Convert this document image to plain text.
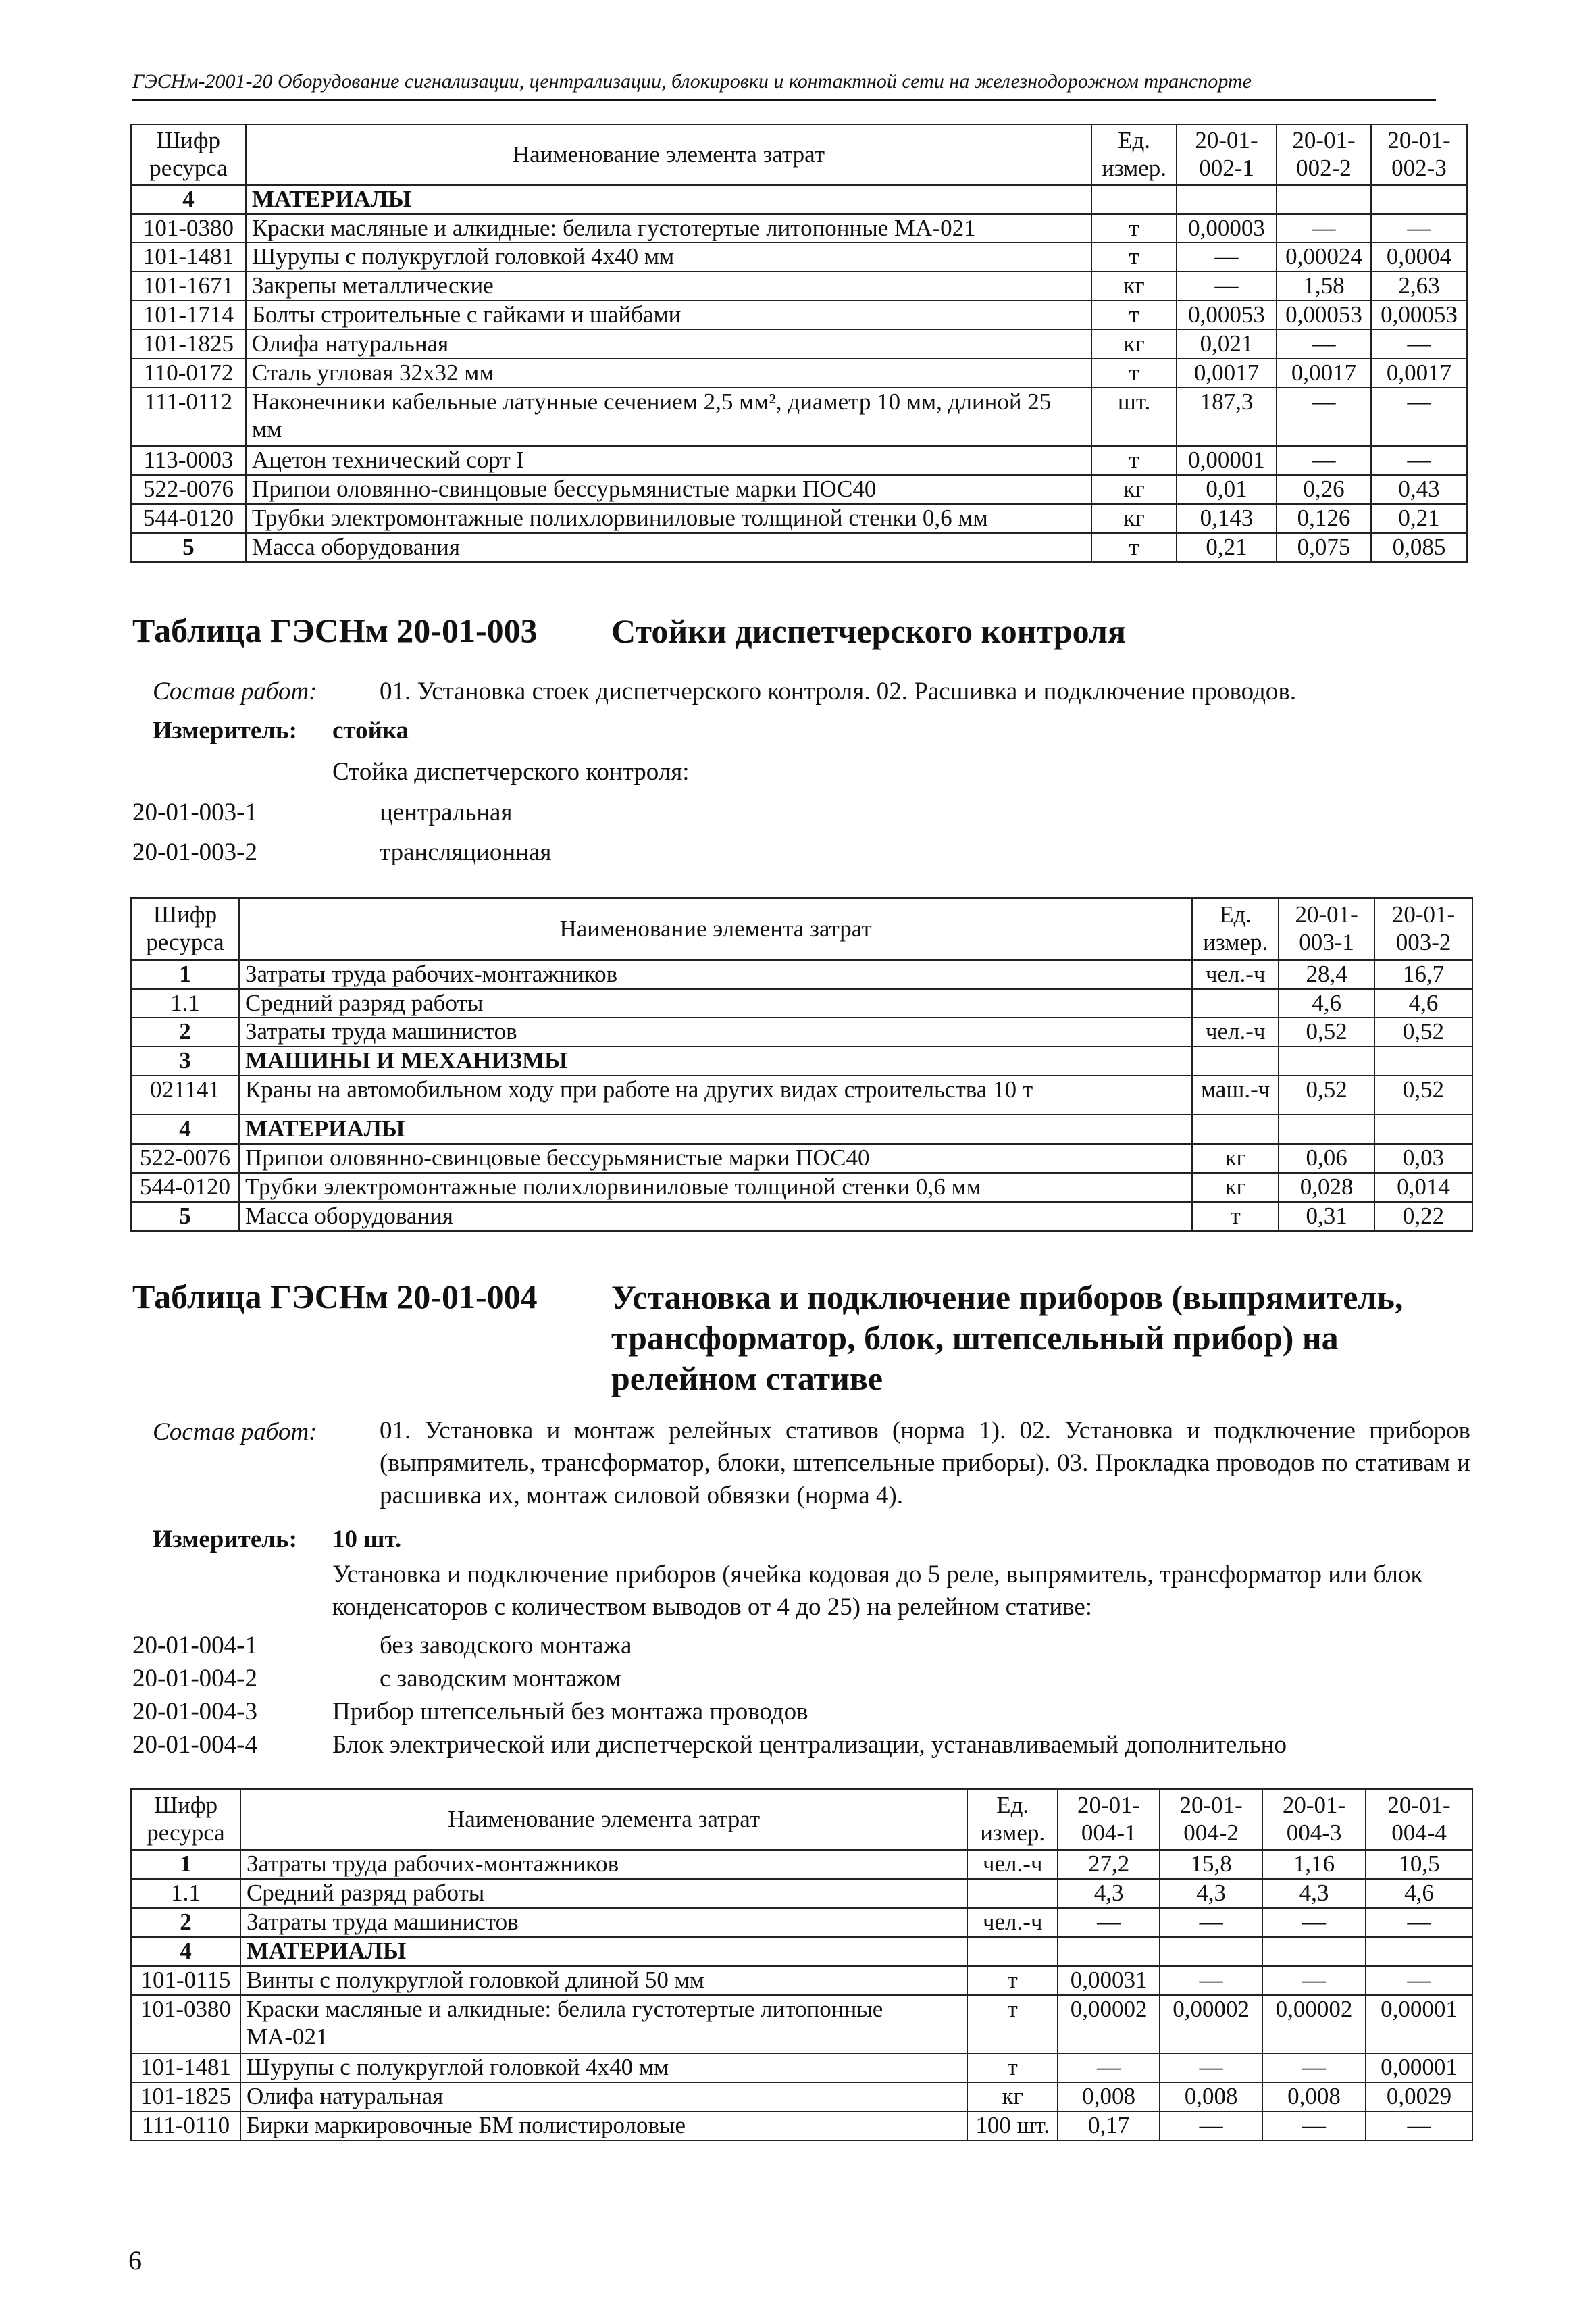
ГЭСНм-2001-20 Оборудование сигнализации, централизации, блокировки и контактной сети на железнодорожном транспорте
Шифр ресурса	Наименование элемента затрат	Ед. измер.	20-01-002-1	20-01-002-2	20-01-002-3
4	МАТЕРИАЛЫ				
101-0380	Краски масляные и алкидные: белила густотертые литопонные МА-021	т	0,00003	—	—
101-1481	Шурупы с полукруглой головкой 4x40 мм	т	—	0,00024	0,0004
101-1671	Закрепы металлические	кг	—	1,58	2,63
101-1714	Болты строительные с гайками и шайбами	т	0,00053	0,00053	0,00053
101-1825	Олифа натуральная	кг	0,021	—	—
110-0172	Сталь угловая 32x32 мм	т	0,0017	0,0017	0,0017
111-0112	Наконечники кабельные латунные сечением 2,5 мм², диаметр 10 мм, длиной 25 мм	шт.	187,3	—	—
113-0003	Ацетон технический сорт I	т	0,00001	—	—
522-0076	Припои оловянно-свинцовые бессурьмянистые марки ПОС40	кг	0,01	0,26	0,43
544-0120	Трубки электромонтажные полихлорвиниловые толщиной стенки 0,6 мм	кг	0,143	0,126	0,21
5	Масса оборудования	т	0,21	0,075	0,085
Таблица ГЭСНм 20-01-003 Стойки диспетчерского контроля
Состав работ:	01. Установка стоек диспетчерского контроля. 02. Расшивка и подключение проводов.
Измеритель: стойка
Стойка диспетчерского контроля:
20-01-003-1	центральная
20-01-003-2	трансляционная
Шифр ресурса	Наименование элемента затрат	Ед. измер.	20-01-003-1	20-01-003-2
1	Затраты труда рабочих-монтажников	чел.-ч	28,4	16,7
1.1	Средний разряд работы		4,6	4,6
2	Затраты труда машинистов	чел.-ч	0,52	0,52
3	МАШИНЫ И МЕХАНИЗМЫ			
021141	Краны на автомобильном ходу при работе на других видах строительства 10 т	маш.-ч	0,52	0,52
4	МАТЕРИАЛЫ			
522-0076	Припои оловянно-свинцовые бессурьмянистые марки ПОС40	кг	0,06	0,03
544-0120	Трубки электромонтажные полихлорвиниловые толщиной стенки 0,6 мм	кг	0,028	0,014
5	Масса оборудования	т	0,31	0,22
Таблица ГЭСНм 20-01-004 Установка и подключение приборов (выпрямитель, трансформатор, блок, штепсельный прибор) на релейном стативе
Состав работ:	01. Установка и монтаж релейных стативов (норма 1). 02. Установка и подключение приборов (выпрямитель, трансформатор, блоки, штепсельные приборы). 03. Прокладка проводов по стативам и расшивка их, монтаж силовой обвязки (норма 4).
Измеритель: 10 шт.
Установка и подключение приборов (ячейка кодовая до 5 реле, выпрямитель, трансформатор или блок конденсаторов с количеством выводов от 4 до 25) на релейном стативе:
20-01-004-1	без заводского монтажа
20-01-004-2	с заводским монтажом
20-01-004-3	Прибор штепсельный без монтажа проводов
20-01-004-4	Блок электрической или диспетчерской централизации, устанавливаемый дополнительно
Шифр ресурса	Наименование элемента затрат	Ед. измер.	20-01-004-1	20-01-004-2	20-01-004-3	20-01-004-4
1	Затраты труда рабочих-монтажников	чел.-ч	27,2	15,8	1,16	10,5
1.1	Средний разряд работы		4,3	4,3	4,3	4,6
2	Затраты труда машинистов	чел.-ч	—	—	—	—
4	МАТЕРИАЛЫ					
101-0115	Винты с полукруглой головкой длиной 50 мм	т	0,00031	—	—	—
101-0380	Краски масляные и алкидные: белила густотертые литопонные МА-021	т	0,00002	0,00002	0,00002	0,00001
101-1481	Шурупы с полукруглой головкой 4x40 мм	т	—	—	—	0,00001
101-1825	Олифа натуральная	кг	0,008	0,008	0,008	0,0029
111-0110	Бирки маркировочные БМ полистироловые	100 шт.	0,17	—	—	—
6
